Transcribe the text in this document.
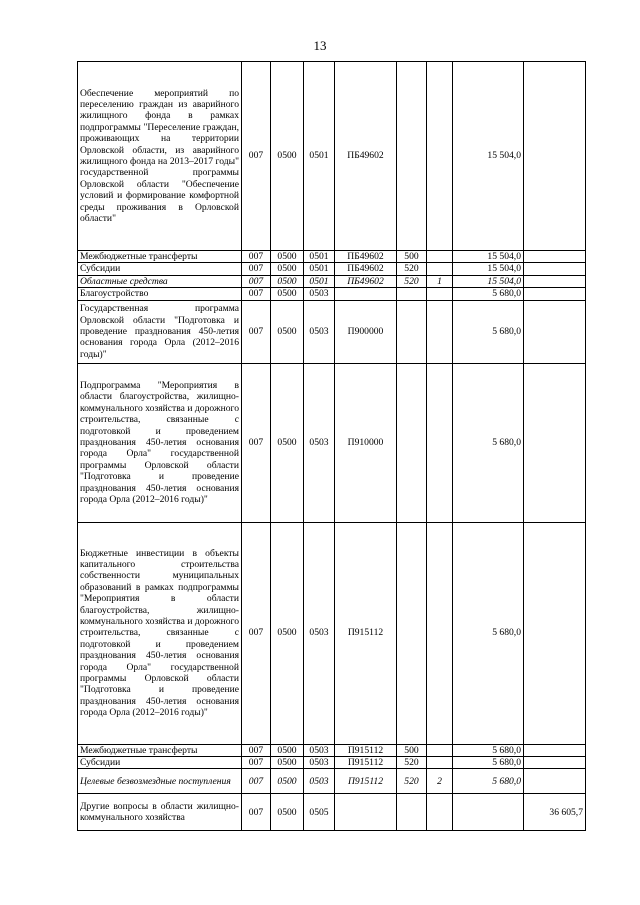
13
Обеспечение мероприятий по переселению граждан из аварийного жилищного фонда в рамках подпрограммы "Переселение граждан, проживающих на территории Орловской области, из аварийного жилищного фонда на 2013–2017 годы" государственной программы Орловской области "Обеспечение условий и формирование комфортной среды проживания в Орловской области"	007	0500	0501	ПБ49602			15 504,0	
Межбюджетные трансферты	007	0500	0501	ПБ49602	500		15 504,0	
Субсидии	007	0500	0501	ПБ49602	520		15 504,0	
Областные средства	007	0500	0501	ПБ49602	520	1	15 504,0	
Благоустройство	007	0500	0503				5 680,0	
Государственная программа Орловской области "Подготовка и проведение празднования 450-летия основания города Орла (2012–2016 годы)"	007	0500	0503	П900000			5 680,0	
Подпрограмма "Мероприятия в области благоустройства, жилищно-коммунального хозяйства и дорожного строительства, связанные с подготовкой и проведением празднования 450-летия основания города Орла" государственной программы Орловской области "Подготовка и проведение празднования 450-летия основания города Орла (2012–2016 годы)"	007	0500	0503	П910000			5 680,0	
Бюджетные инвестиции в объекты капитального строительства собственности муниципальных образований в рамках подпрограммы "Мероприятия в области благоустройства, жилищно-коммунального хозяйства и дорожного строительства, связанные с подготовкой и проведением празднования 450-летия основания города Орла" государственной программы Орловской области "Подготовка и проведение празднования 450-летия основания города Орла (2012–2016 годы)"	007	0500	0503	П915112			5 680,0	
Межбюджетные трансферты	007	0500	0503	П915112	500		5 680,0	
Субсидии	007	0500	0503	П915112	520		5 680,0	
Целевые безвозмездные поступления	007	0500	0503	П915112	520	2	5 680,0	
Другие вопросы в области жилищно-коммунального хозяйства	007	0500	0505					36 605,7
